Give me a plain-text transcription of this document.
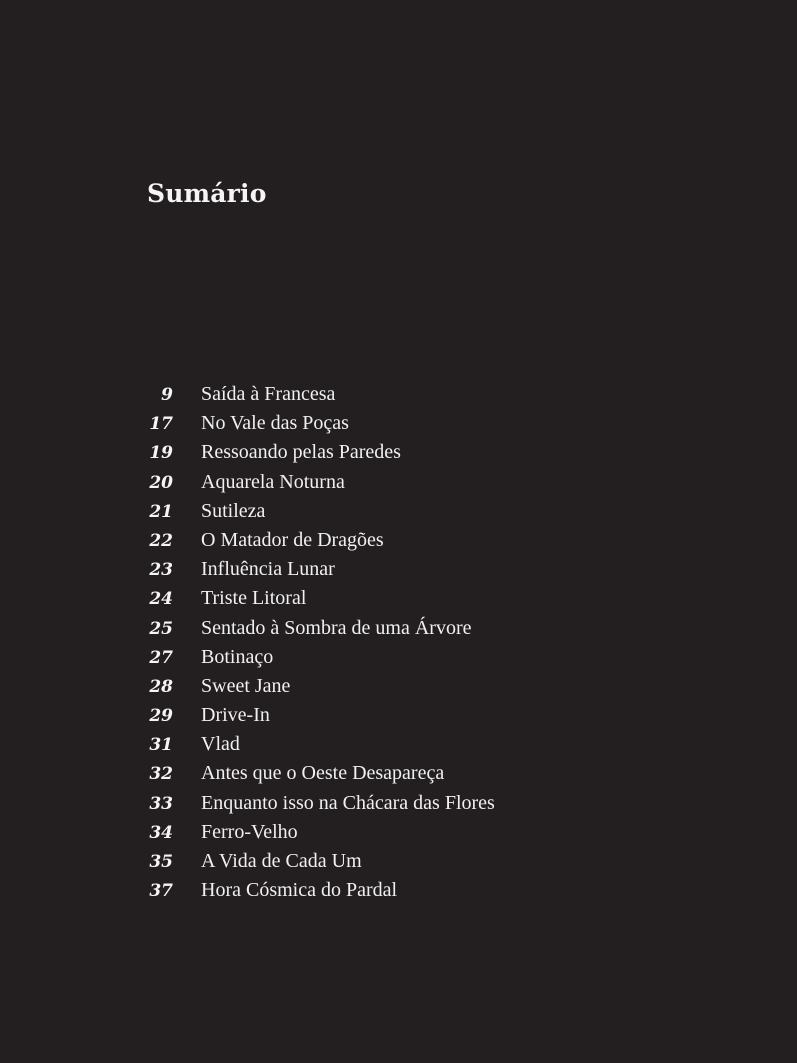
Sumário
9 Saída à Francesa
17 No Vale das Poças
19 Ressoando pelas Paredes
20 Aquarela Noturna
21 Sutileza
22 O Matador de Dragões
23 Influência Lunar
24 Triste Litoral
25 Sentado à Sombra de uma Árvore
27 Botinaço
28 Sweet Jane
29 Drive-In
31 Vlad
32 Antes que o Oeste Desapareça
33 Enquanto isso na Chácara das Flores
34 Ferro-Velho
35 A Vida de Cada Um
37 Hora Cósmica do Pardal
